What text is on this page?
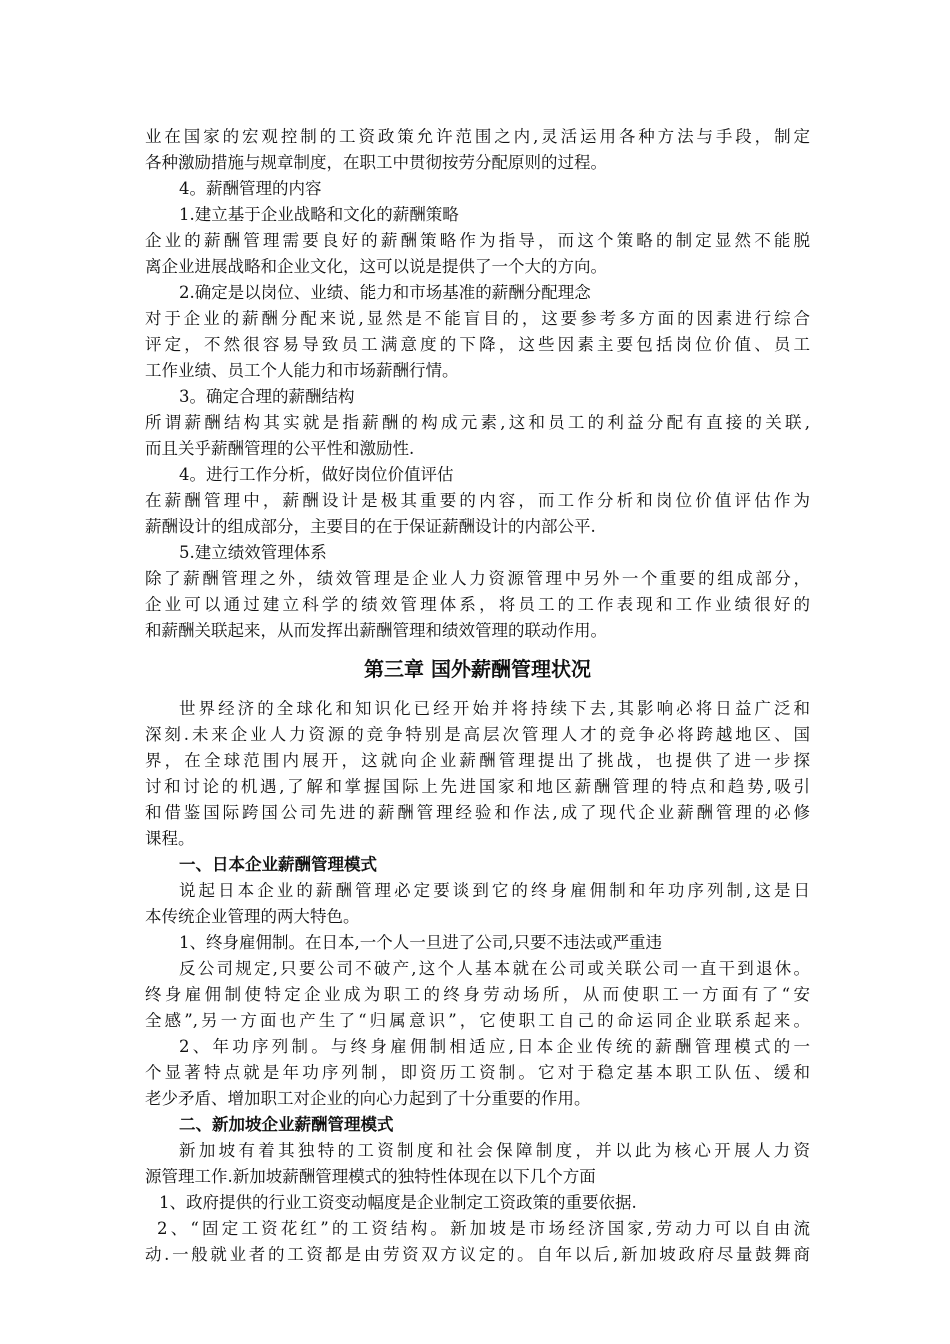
业在国家的宏观控制的工资政策允许范围之内,灵活运用各种方法与手段，制定
各种激励措施与规章制度，在职工中贯彻按劳分配原则的过程。
4。薪酬管理的内容
1.建立基于企业战略和文化的薪酬策略
企业的薪酬管理需要良好的薪酬策略作为指导，而这个策略的制定显然不能脱
离企业进展战略和企业文化，这可以说是提供了一个大的方向。
2.确定是以岗位、业绩、能力和市场基准的薪酬分配理念
对于企业的薪酬分配来说,显然是不能盲目的，这要参考多方面的因素进行综合
评定，不然很容易导致员工满意度的下降，这些因素主要包括岗位价值、员工
工作业绩、员工个人能力和市场薪酬行情。
3。确定合理的薪酬结构
所谓薪酬结构其实就是指薪酬的构成元素,这和员工的利益分配有直接的关联,
而且关乎薪酬管理的公平性和激励性.
4。进行工作分析，做好岗位价值评估
在薪酬管理中，薪酬设计是极其重要的内容，而工作分析和岗位价值评估作为
薪酬设计的组成部分，主要目的在于保证薪酬设计的内部公平.
5.建立绩效管理体系
除了薪酬管理之外，绩效管理是企业人力资源管理中另外一个重要的组成部分，
企业可以通过建立科学的绩效管理体系，将员工的工作表现和工作业绩很好的
和薪酬关联起来，从而发挥出薪酬管理和绩效管理的联动作用。
第三章 国外薪酬管理状况
世界经济的全球化和知识化已经开始并将持续下去,其影响必将日益广泛和
深刻.未来企业人力资源的竞争特别是高层次管理人才的竞争必将跨越地区、国
界，在全球范围内展开，这就向企业薪酬管理提出了挑战，也提供了进一步探
讨和讨论的机遇,了解和掌握国际上先进国家和地区薪酬管理的特点和趋势,吸引
和借鉴国际跨国公司先进的薪酬管理经验和作法,成了现代企业薪酬管理的必修
课程。
一、日本企业薪酬管理模式
说起日本企业的薪酬管理必定要谈到它的终身雇佣制和年功序列制,这是日
本传统企业管理的两大特色。
1、终身雇佣制。在日本,一个人一旦进了公司,只要不违法或严重违
反公司规定,只要公司不破产,这个人基本就在公司或关联公司一直干到退休。
终身雇佣制使特定企业成为职工的终身劳动场所，从而使职工一方面有了“安
全感”,另一方面也产生了“归属意识”，它使职工自己的命运同企业联系起来。
2、年功序列制。与终身雇佣制相适应,日本企业传统的薪酬管理模式的一
个显著特点就是年功序列制，即资历工资制。它对于稳定基本职工队伍、缓和
老少矛盾、增加职工对企业的向心力起到了十分重要的作用。
二、新加坡企业薪酬管理模式
新加坡有着其独特的工资制度和社会保障制度，并以此为核心开展人力资
源管理工作.新加坡薪酬管理模式的独特性体现在以下几个方面
1、政府提供的行业工资变动幅度是企业制定工资政策的重要依据.
2、“固定工资花红”的工资结构。新加坡是市场经济国家,劳动力可以自由流
动.一般就业者的工资都是由劳资双方议定的。自年以后,新加坡政府尽量鼓舞商
